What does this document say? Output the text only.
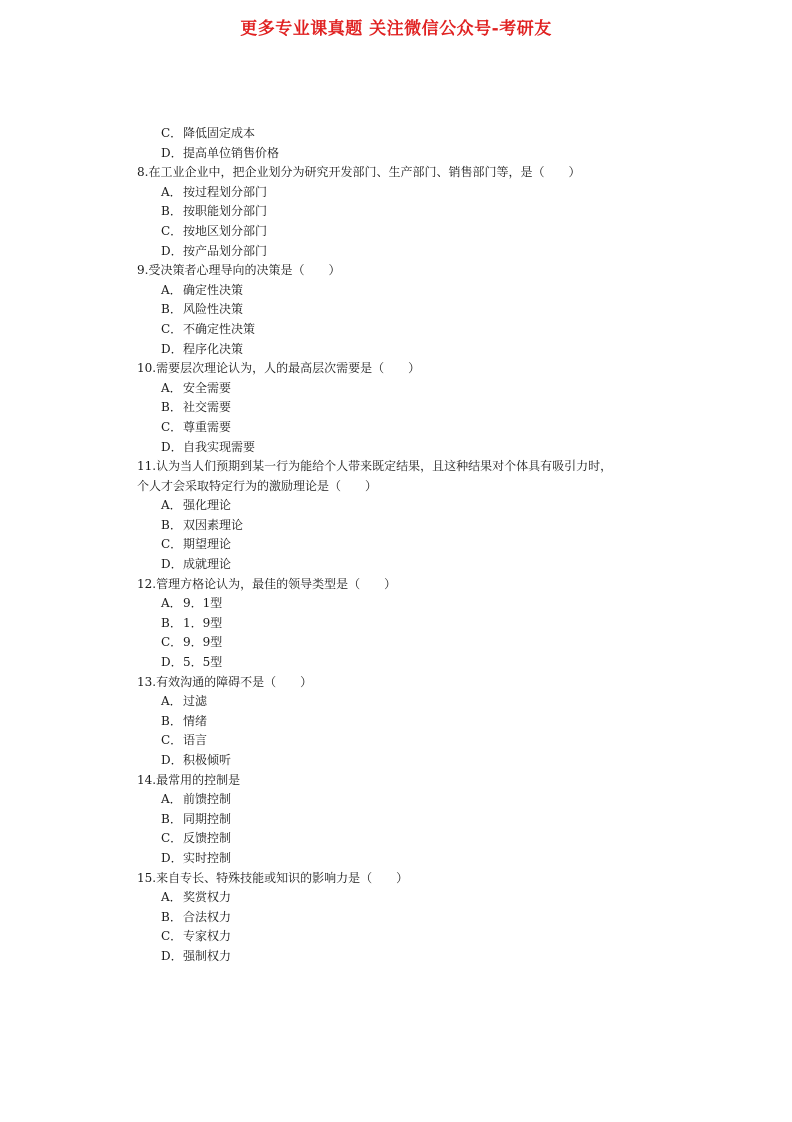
更多专业课真题 关注微信公众号-考研友
C．降低固定成本
D．提高单位销售价格
8.在工业企业中，把企业划分为研究开发部门、生产部门、销售部门等，是（　　）
A．按过程划分部门
B．按职能划分部门
C．按地区划分部门
D．按产品划分部门
9.受决策者心理导向的决策是（　　）
A．确定性决策
B．风险性决策
C．不确定性决策
D．程序化决策
10.需要层次理论认为，人的最高层次需要是（　　）
A．安全需要
B．社交需要
C．尊重需要
D．自我实现需要
11.认为当人们预期到某一行为能给个人带来既定结果，且这种结果对个体具有吸引力时，
个人才会采取特定行为的激励理论是（　　）
A．强化理论
B．双因素理论
C．期望理论
D．成就理论
12.管理方格论认为，最佳的领导类型是（　　）
A．9．1型
B．1．9型
C．9．9型
D．5．5型
13.有效沟通的障碍不是（　　）
A．过滤
B．情绪
C．语言
D．积极倾听
14.最常用的控制是
A．前馈控制
B．同期控制
C．反馈控制
D．实时控制
15.来自专长、特殊技能或知识的影响力是（　　）
A．奖赏权力
B．合法权力
C．专家权力
D．强制权力
